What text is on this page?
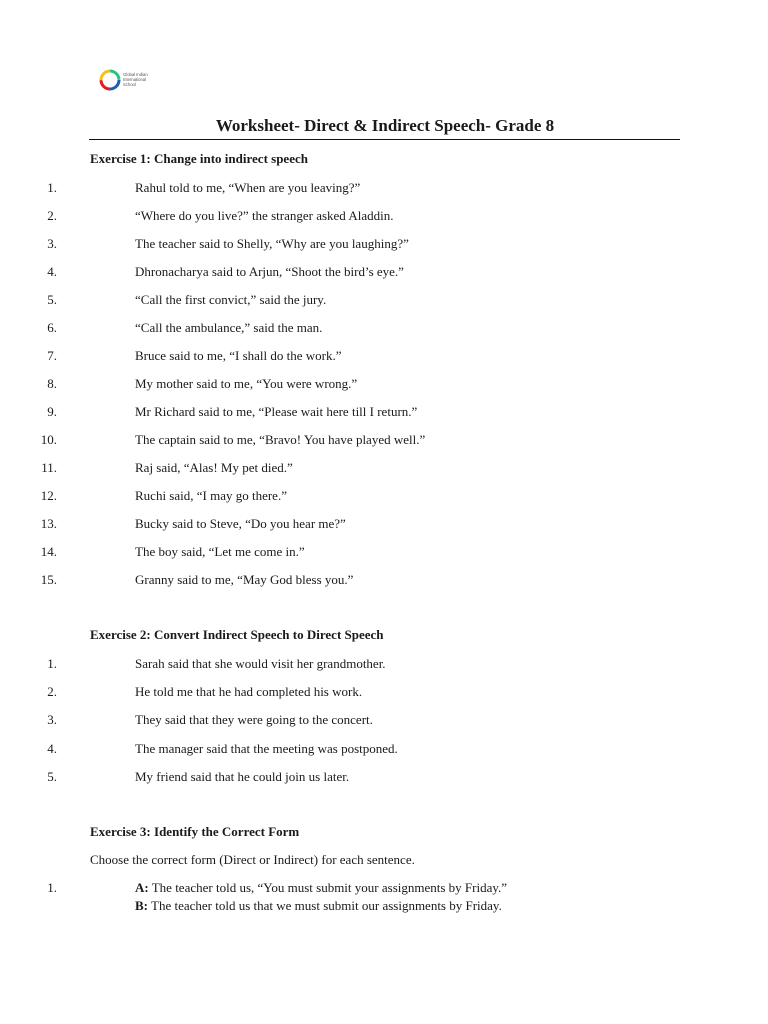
Global Indian
International
School
Worksheet- Direct & Indirect Speech- Grade 8
Exercise 1: Change into indirect speech
1.	Rahul told to me, “When are you leaving?”
2.	“Where do you live?” the stranger asked Aladdin.
3.	The teacher said to Shelly, “Why are you laughing?”
4.	Dhronacharya said to Arjun, “Shoot the bird’s eye.”
5.	“Call the first convict,” said the jury.
6.	“Call the ambulance,” said the man.
7.	Bruce said to me, “I shall do the work.”
8.	My mother said to me, “You were wrong.”
9.	Mr Richard said to me, “Please wait here till I return.”
10.	The captain said to me, “Bravo! You have played well.”
11.	Raj said, “Alas! My pet died.”
12.	Ruchi said, “I may go there.”
13.	Bucky said to Steve, “Do you hear me?”
14.	The boy said, “Let me come in.”
15.	Granny said to me, “May God bless you.”
Exercise 2: Convert Indirect Speech to Direct Speech
1.	Sarah said that she would visit her grandmother.
2.	He told me that he had completed his work.
3.	They said that they were going to the concert.
4.	The manager said that the meeting was postponed.
5.	My friend said that he could join us later.
Exercise 3: Identify the Correct Form
Choose the correct form (Direct or Indirect) for each sentence.
1.	A: The teacher told us, “You must submit your assignments by Friday.”
B: The teacher told us that we must submit our assignments by Friday.
